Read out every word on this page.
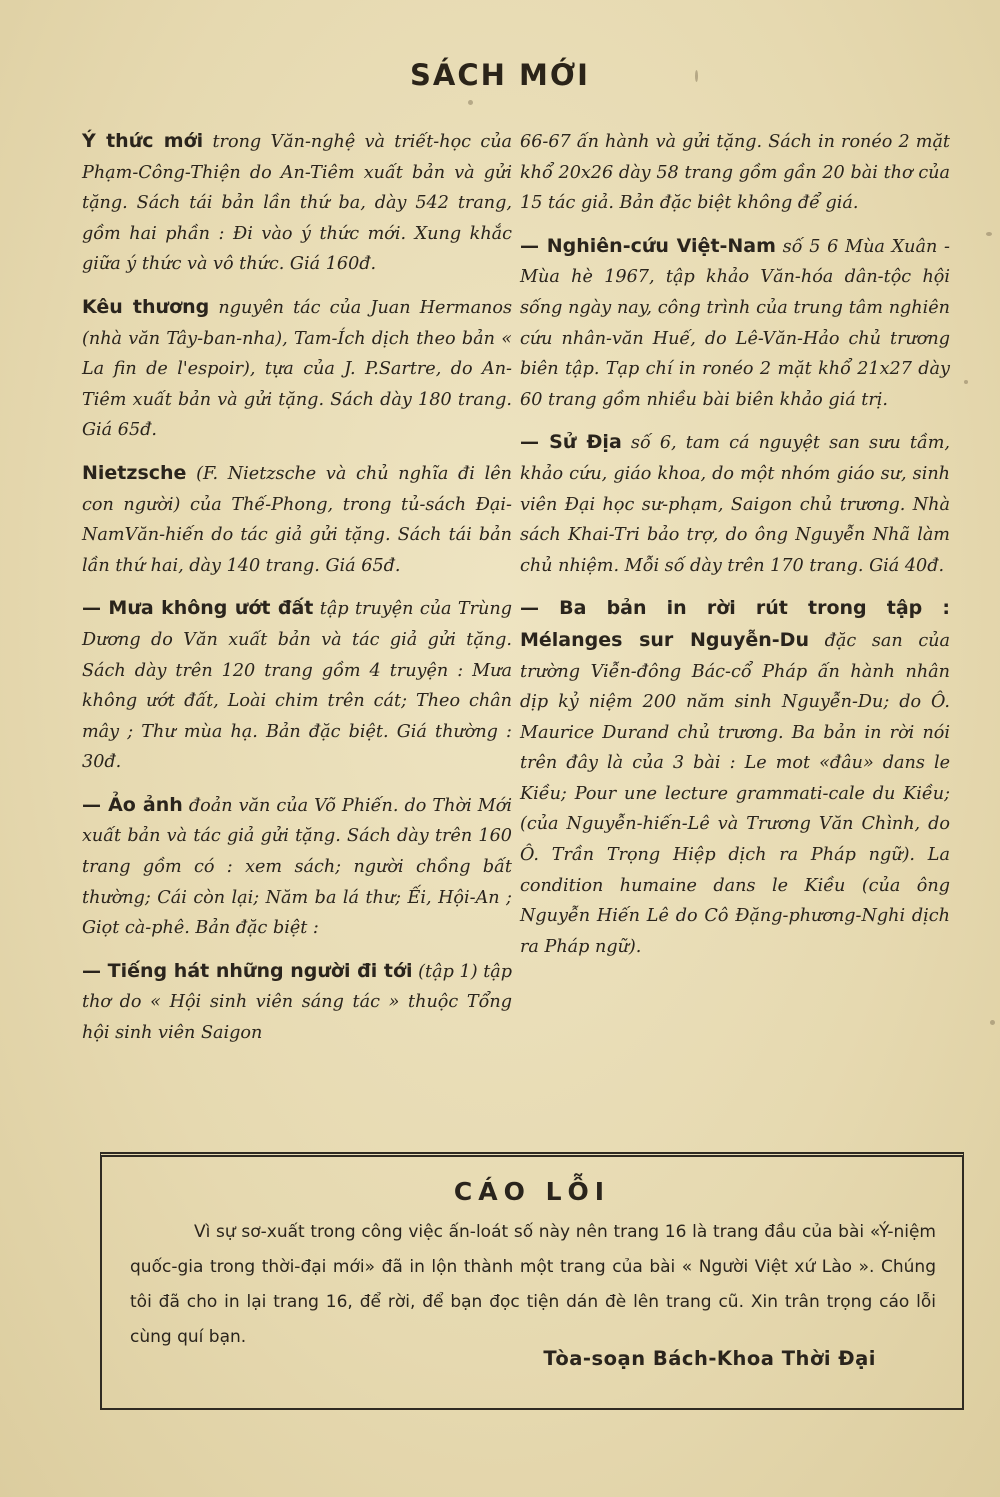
SÁCH MỚI

Ý thức mới trong Văn-nghệ và triết-học của Phạm-Công-Thiện do An-Tiêm xuất bản và gửi tặng. Sách tái bản lần thứ ba, dày 542 trang, gồm hai phần : Đi vào ý thức mới. Xung khắc giữa ý thức và vô thức. Giá 160đ.

Kêu thương nguyên tác của Juan Hermanos (nhà văn Tây-ban-nha), Tam-Ích dịch theo bản « La fin de l'espoir), tựa của J. P.Sartre, do An-Tiêm xuất bản và gửi tặng. Sách dày 180 trang. Giá 65đ.

Nietzsche (F. Nietzsche và chủ nghĩa đi lên con người) của Thế-Phong, trong tủ-sách Đại-NamVăn-hiến do tác giả gửi tặng. Sách tái bản lần thứ hai, dày 140 trang. Giá 65đ.

— Mưa không ướt đất tập truyện của Trùng Dương do Văn xuất bản và tác giả gửi tặng. Sách dày trên 120 trang gồm 4 truyện : Mưa không ướt đất, Loài chim trên cát; Theo chân mây ; Thư mùa hạ. Bản đặc biệt. Giá thường : 30đ.

— Ảo ảnh đoản văn của Võ Phiến. do Thời Mới xuất bản và tác giả gửi tặng. Sách dày trên 160 trang gồm có : xem sách; người chồng bất thường; Cái còn lại; Năm ba lá thư; Ếi, Hội-An ; Giọt cà-phê. Bản đặc biệt :

— Tiếng hát những người đi tới (tập 1) tập thơ do « Hội sinh viên sáng tác » thuộc Tổng hội sinh viên Saigon

66-67 ấn hành và gửi tặng. Sách in ronéo 2 mặt khổ 20x26 dày 58 trang gồm gần 20 bài thơ của 15 tác giả. Bản đặc biệt không để giá.

— Nghiên-cứu Việt-Nam số 5 6 Mùa Xuân - Mùa hè 1967, tập khảo Văn-hóa dân-tộc hội sống ngày nay, công trình của trung tâm nghiên cứu nhân-văn Huế, do Lê-Văn-Hảo chủ trương biên tập. Tạp chí in ronéo 2 mặt khổ 21x27 dày 60 trang gồm nhiều bài biên khảo giá trị.

— Sử Địa số 6, tam cá nguyệt san sưu tầm, khảo cứu, giáo khoa, do một nhóm giáo sư, sinh viên Đại học sư-phạm, Saigon chủ trương. Nhà sách Khai-Tri bảo trợ, do ông Nguyễn Nhã làm chủ nhiệm. Mỗi số dày trên 170 trang. Giá 40đ.

— Ba bản in rời rút trong tập : Mélanges sur Nguyễn-Du đặc san của trường Viễn-đông Bác-cổ Pháp ấn hành nhân dịp kỷ niệm 200 năm sinh Nguyễn-Du; do Ô. Maurice Durand chủ trương. Ba bản in rời nói trên đây là của 3 bài : Le mot «đâu» dans le Kiều; Pour une lecture grammati-cale du Kiều; (của Nguyễn-hiến-Lê và Trương Văn Chình, do Ô. Trần Trọng Hiệp dịch ra Pháp ngữ). La condition humaine dans le Kiều (của ông Nguyễn Hiến Lê do Cô Đặng-phương-Nghi dịch ra Pháp ngữ).

CÁO LỖI
Vì sự sơ-xuất trong công việc ấn-loát số này nên trang 16 là trang đầu của bài «Ý-niệm quốc-gia trong thời-đại mới» đã in lộn thành một trang của bài « Người Việt xứ Lào ». Chúng tôi đã cho in lại trang 16, để rời, để bạn đọc tiện dán đè lên trang cũ. Xin trân trọng cáo lỗi cùng quí bạn.
Tòa-soạn Bách-Khoa Thời Đại
